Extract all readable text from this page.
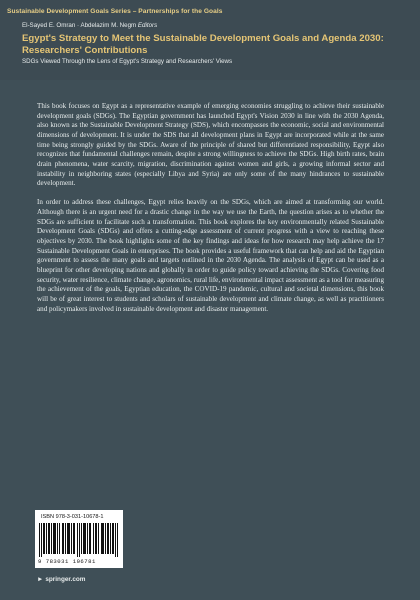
Sustainable Development Goals Series – Partnerships for the Goals
El-Sayed E. Omran · Abdelazim M. Negm Editors
Egypt's Strategy to Meet the Sustainable Development Goals and Agenda 2030: Researchers' Contributions
SDGs Viewed Through the Lens of Egypt's Strategy and Researchers' Views

This book focuses on Egypt as a representative example of emerging economies struggling to achieve their sustainable development goals (SDGs). The Egyptian government has launched Egypt's Vision 2030 in line with the 2030 Agenda, also known as the Sustainable Development Strategy (SDS), which encompasses the economic, social and environmental dimensions of development. It is under the SDS that all development plans in Egypt are incorporated while at the same time being strongly guided by the SDGs. Aware of the principle of shared but differentiated responsibility, Egypt also recognizes that fundamental challenges remain, despite a strong willingness to achieve the SDGs. High birth rates, brain drain phenomena, water scarcity, migration, discrimination against women and girls, a growing informal sector and instability in neighboring states (especially Libya and Syria) are only some of the many hindrances to sustainable development.

In order to address these challenges, Egypt relies heavily on the SDGs, which are aimed at transforming our world. Although there is an urgent need for a drastic change in the way we use the Earth, the question arises as to whether the SDGs are sufficient to facilitate such a transformation. This book explores the key environmentally related Sustainable Development Goals (SDGs) and offers a cutting-edge assessment of current progress with a view to reaching these objectives by 2030. The book highlights some of the key findings and ideas for how research may help achieve the 17 Sustainable Development Goals in enterprises. The book provides a useful framework that can help and aid the Egyptian government to assess the many goals and targets outlined in the 2030 Agenda. The analysis of Egypt can be used as a blueprint for other developing nations and globally in order to guide policy toward achieving the SDGs. Covering food security, water resilience, climate change, agronomics, rural life, environmental impact assessment as a tool for measuring the achievement of the goals, Egyptian education, the COVID-19 pandemic, cultural and societal dimensions, this book will be of great interest to students and scholars of sustainable development and climate change, as well as practitioners and policymakers involved in sustainable development and disaster management.

ISBN 978-3-031-10678-1
9 783031 106781
► springer.com
